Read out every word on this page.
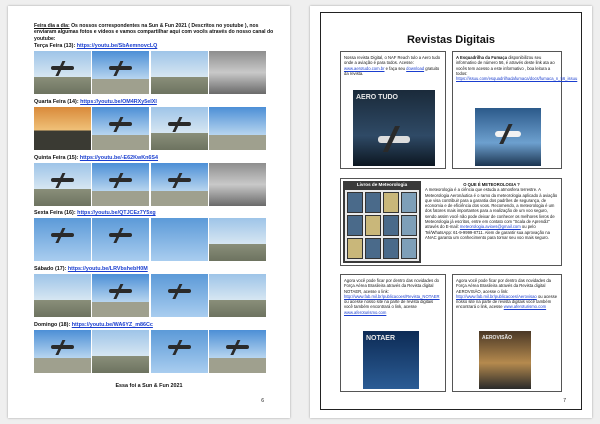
Feira dia a dia: Os nossos correspondentes na Sun & Fun 2021 ( Descritos no youtube ), nos enviaram algumas fotos e vídeos e vamos compartilhar aqui com vocês através do nosso canal do youtube:
Terça Feira (13): https://youtu.be/SbAemnovcLQ
Quarta Feira (14): https://youtu.be/OM4RXy5eIXI
Quinta Feira (15): https://youtu.be/-E62KwKn6S4
Sexta Feira (16): https://youtu.be/QTJCEz7Y5xg
Sábado (17): https://youtu.be/LRVbshebH0M
Domingo (18): https://youtu.be/WA6YZ_m86Cc
Essa foi a Sun & Fun 2021
6
Revistas Digitais
Nossa revista Digital, o NAF Reach tulo a Aero tudo onde a aviação é para todos. Acesse: www.aerotudo.com.br e faça seu download gratuito da revista.
AERO TUDO
A Esquadrilha da Fumaça disponibilizou seu informativo de número 56, é através deste link ata ao vocês tem acesso a este informativo , boa leitura a todos: https://issuu.com/esquadrilhadafumaca/docs/fumaca_n_56_issuu
Livros de Meteorologia	O QUE É METEOROLOGIA ?
A meteorologia é a ciência que estuda a atmosfera terrestre. A Meteorologia Aeronáutica é o ramo da meteorologia aplicado à aviação que visa contribuir para a garantia dos padrões de segurança, de economia e de eficiência dos voos. Recomendo, a meteorologia é um dos fatores mais importantes para a realização de um voo seguro, sendo assim você não pode deixar de conhecer os melhores livros de Meteorologia já escritos, entre em contato com "Scala de Aprendiz" através do E-mail: meteorologia.avioes@gmail.com ou pelo Tel/WhatsApp: 61-9-9999-8711. Alem de garantir sua aprovação na ANAC garanta um conhecimento para tornar seu voo mais seguro.
Agora você pode ficar por dentro das novidades do Força Aérea Brasileira através da Revista digital NOTAER, acesse o link: http://www.fab.mil.br/publicacoes/Revista_NOTAER ou acesse nosso site na parte de revista digitais você também encontrará o link, acesse www.aferoturismo.com
NOTAER
Agora você pode ficar por dentro das novidades da Força Aérea Brasileira através da Revista digital AEROVISÃO, acesse o link: http://www.fab.mil.br/publicacoes/Aerovisao ou acesse nosso site na parte de revista digitais você também encontrará o link, acesse www.aferoturismo.com
AEROVISÃO
7
